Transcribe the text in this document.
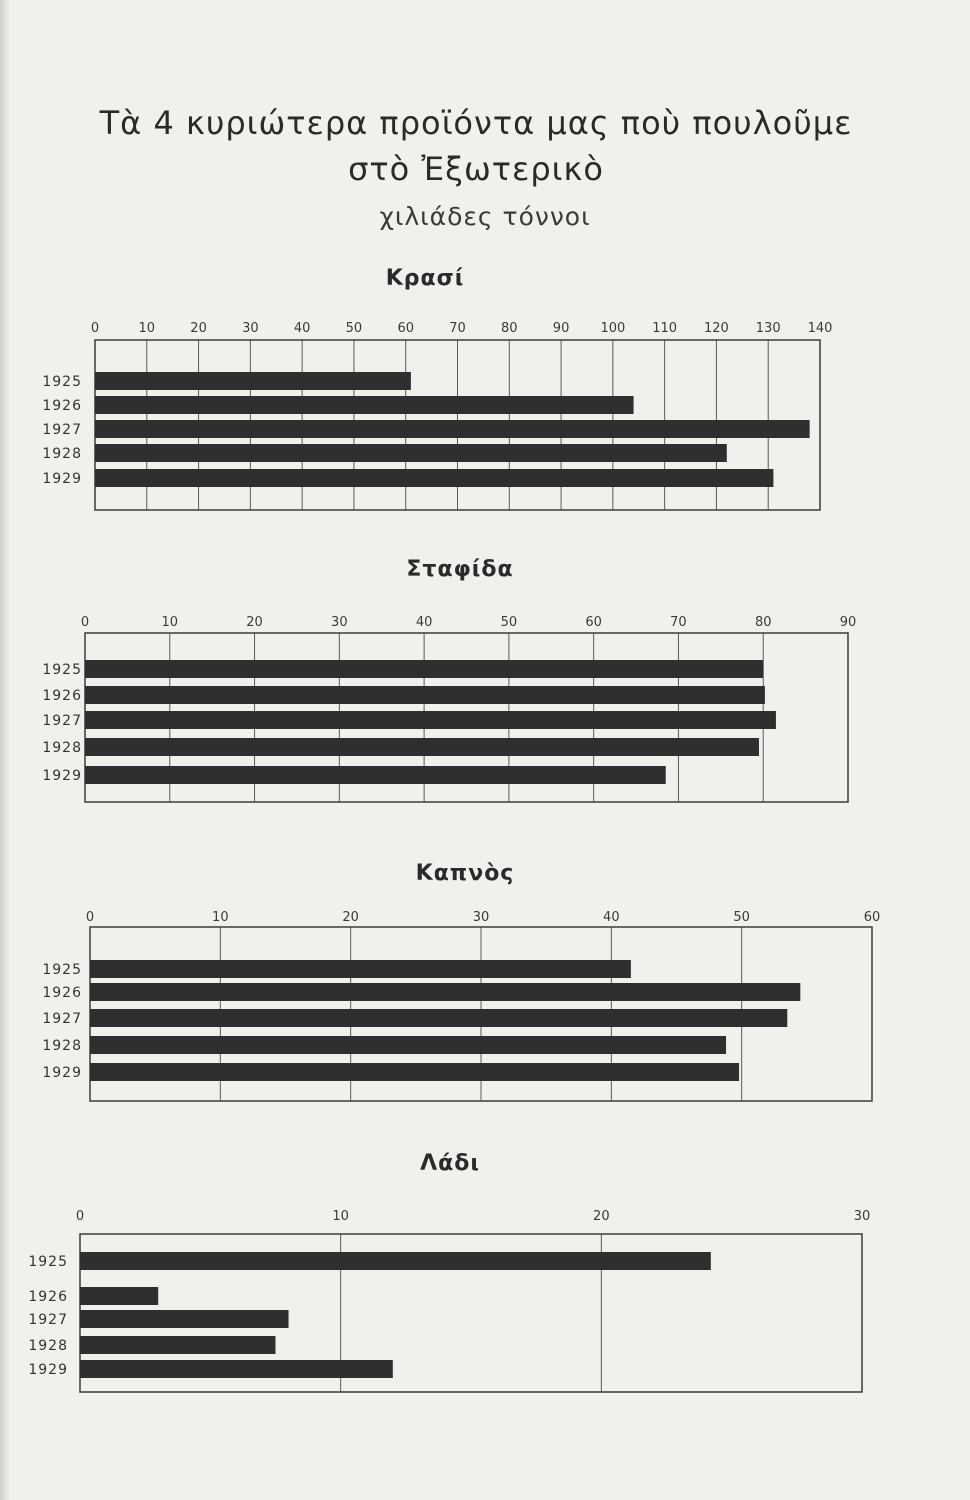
Τὰ 4 κυριώτερα προϊόντα μας ποὺ πουλοῦμε
στὸ Ἐξωτερικὸ
χιλιάδες τόννοι
Κρασί
0	10	20	30	40	50	60	70	80	90 100 110 120 130 140
1925
1926
1927
1928
1929
Σταφίδα
0	10	20	30	40	50	60	70	80	90
1925
1926
1927
1928
1929
Καπνὸς
0	10	20	30	40	50	60
1925
1926
1927
1928
1929
Λάδι
0	10	20	30
1925
1926
1927
1928
1929
